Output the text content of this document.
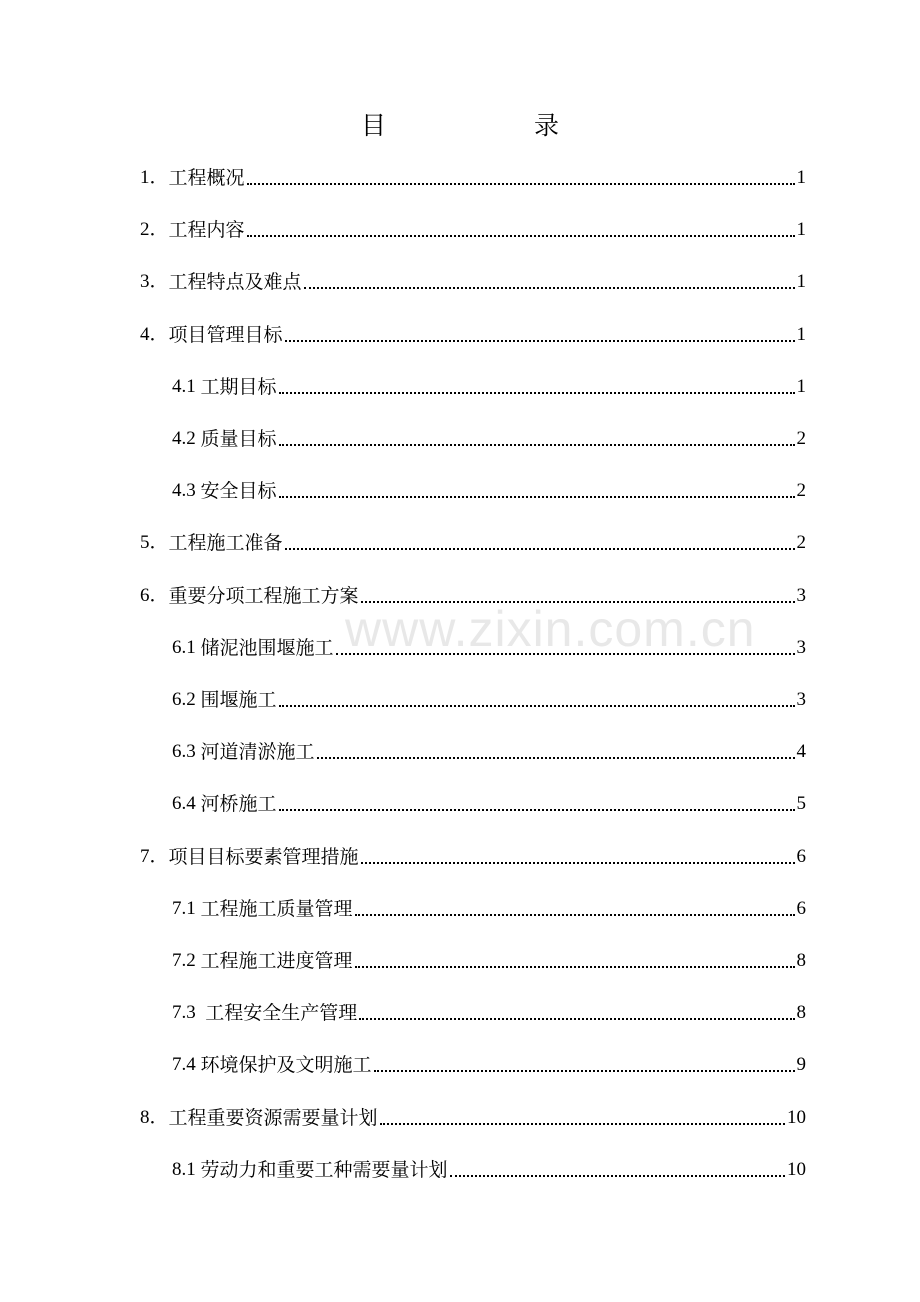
目 录
www.zixin.com.cn
1． 工程概况	1
2． 工程内容	1
3． 工程特点及难点	1
4． 项目管理目标	1
4.1 工期目标	1
4.2 质量目标	2
4.3 安全目标	2
5． 工程施工准备	2
6． 重要分项工程施工方案	3
6.1 储泥池围堰施工	3
6.2 围堰施工	3
6.3 河道清淤施工	4
6.4 河桥施工	5
7． 项目目标要素管理措施	6
7.1 工程施工质量管理	6
7.2 工程施工进度管理	8
7.3 工程安全生产管理	8
7.4 环境保护及文明施工	9
8． 工程重要资源需要量计划	10
8.1 劳动力和重要工种需要量计划	10
